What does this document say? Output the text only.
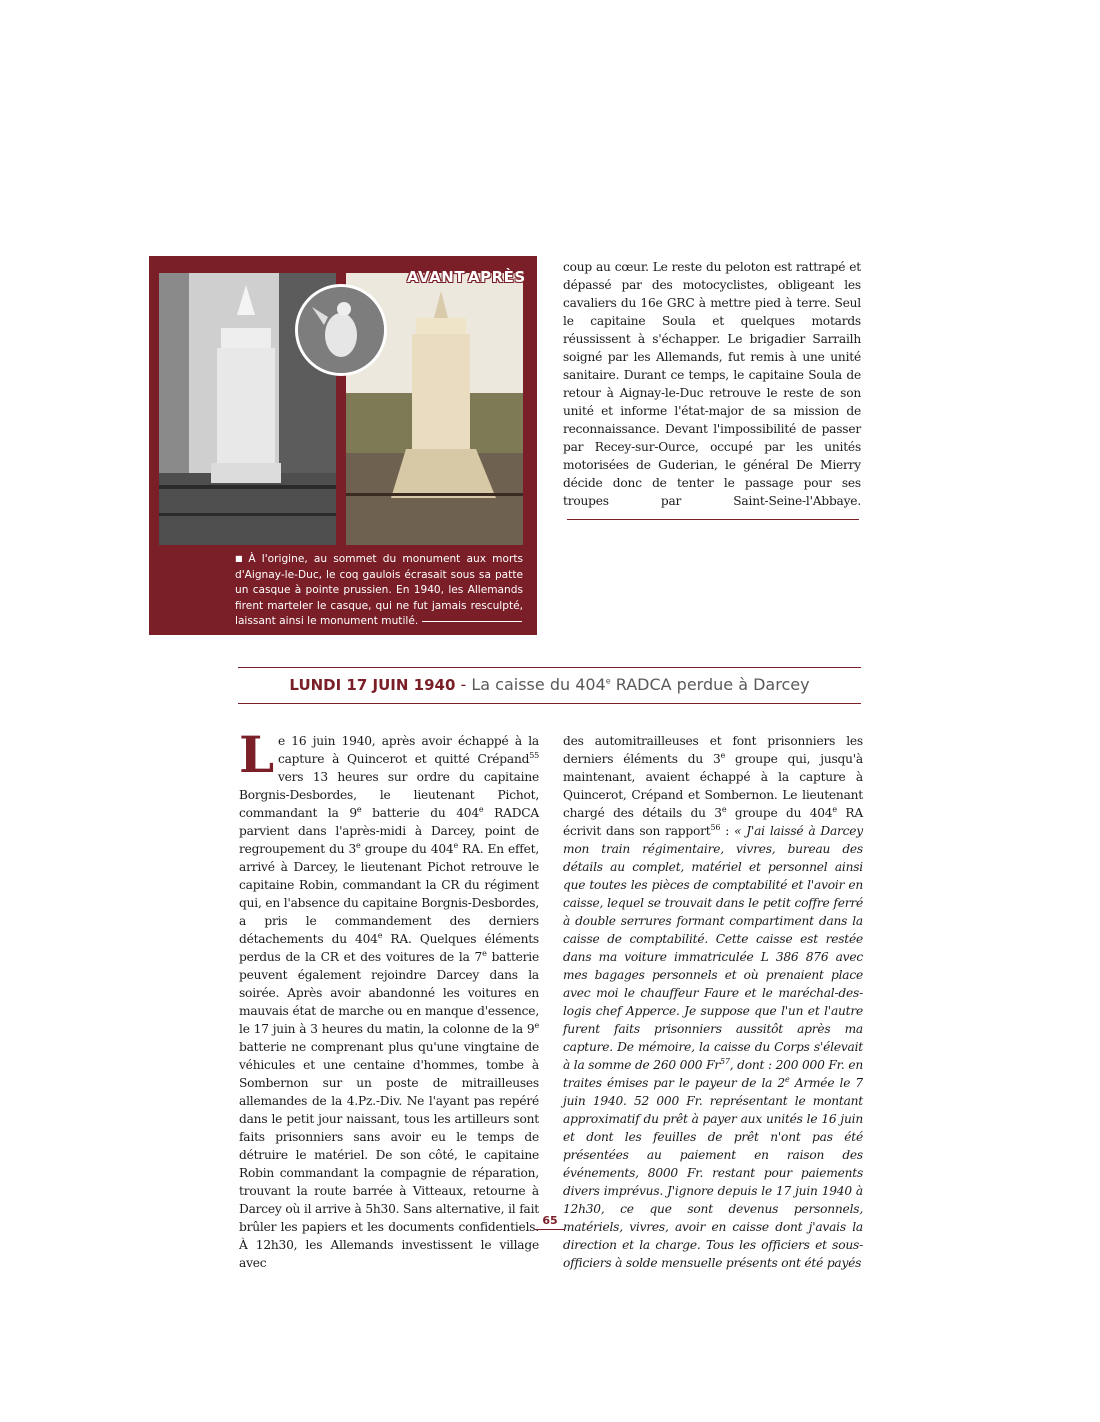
AVANT APRÈS
■ À l'origine, au sommet du monument aux morts d'Aignay-le-Duc, le coq gaulois écrasait sous sa patte un casque à pointe prussien. En 1940, les Allemands firent marteler le casque, qui ne fut jamais resculpté, laissant ainsi le monument mutilé.

coup au cœur. Le reste du peloton est rattrapé et dépassé par des motocyclistes, obligeant les cavaliers du 16e GRC à mettre pied à terre. Seul le capitaine Soula et quelques motards réussissent à s'échapper. Le brigadier Sarrailh soigné par les Allemands, fut remis à une unité sanitaire. Durant ce temps, le capitaine Soula de retour à Aignay-le-Duc retrouve le reste de son unité et informe l'état-major de sa mission de reconnaissance. Devant l'impossibilité de passer par Recey-sur-Ource, occupé par les unités motorisées de Guderian, le général De Mierry décide donc de tenter le passage pour ses troupes par Saint-Seine-l'Abbaye.

LUNDI 17 JUIN 1940 - La caisse du 404e RADCA perdue à Darcey

Le 16 juin 1940, après avoir échappé à la capture à Quincerot et quitté Crépand$^{55}$ vers 13 heures sur ordre du capitaine Borgnis-Desbordes, le lieutenant Pichot, commandant la 9e batterie du 404e RADCA parvient dans l'après-midi à Darcey, point de regroupement du 3e groupe du 404e RA. En effet, arrivé à Darcey, le lieutenant Pichot retrouve le capitaine Robin, commandant la CR du régiment qui, en l'absence du capitaine Borgnis-Desbordes, a pris le commandement des derniers détachements du 404e RA. Quelques éléments perdus de la CR et des voitures de la 7e batterie peuvent également rejoindre Darcey dans la soirée. Après avoir abandonné les voitures en mauvais état de marche ou en manque d'essence, le 17 juin à 3 heures du matin, la colonne de la 9e batterie ne comprenant plus qu'une vingtaine de véhicules et une centaine d'hommes, tombe à Sombernon sur un poste de mitrailleuses allemandes de la 4.Pz.-Div. Ne l'ayant pas repéré dans le petit jour naissant, tous les artilleurs sont faits prisonniers sans avoir eu le temps de détruire le matériel. De son côté, le capitaine Robin commandant la compagnie de réparation, trouvant la route barrée à Vitteaux, retourne à Darcey où il arrive à 5h30. Sans alternative, il fait brûler les papiers et les documents confidentiels. À 12h30, les Allemands investissent le village avec

des automitrailleuses et font prisonniers les derniers éléments du 3e groupe qui, jusqu'à maintenant, avaient échappé à la capture à Quincerot, Crépand et Sombernon. Le lieutenant chargé des détails du 3e groupe du 404e RA écrivit dans son rapport$^{56}$ : « J'ai laissé à Darcey mon train régimentaire, vivres, bureau des détails au complet, matériel et personnel ainsi que toutes les pièces de comptabilité et l'avoir en caisse, lequel se trouvait dans le petit coffre ferré à double serrures formant compartiment dans la caisse de comptabilité. Cette caisse est restée dans ma voiture immatriculée L 386 876 avec mes bagages personnels et où prenaient place avec moi le chauffeur Faure et le maréchal-des-logis chef Apperce. Je suppose que l'un et l'autre furent faits prisonniers aussitôt après ma capture. De mémoire, la caisse du Corps s'élevait à la somme de 260 000 Fr$^{57}$, dont : 200 000 Fr. en traites émises par le payeur de la 2e Armée le 7 juin 1940. 52 000 Fr. représentant le montant approximatif du prêt à payer aux unités le 16 juin et dont les feuilles de prêt n'ont pas été présentées au paiement en raison des événements, 8000 Fr. restant pour paiements divers imprévus. J'ignore depuis le 17 juin 1940 à 12h30, ce que sont devenus personnels, matériels, vivres, avoir en caisse dont j'avais la direction et la charge. Tous les officiers et sous-officiers à solde mensuelle présents ont été payés

65
